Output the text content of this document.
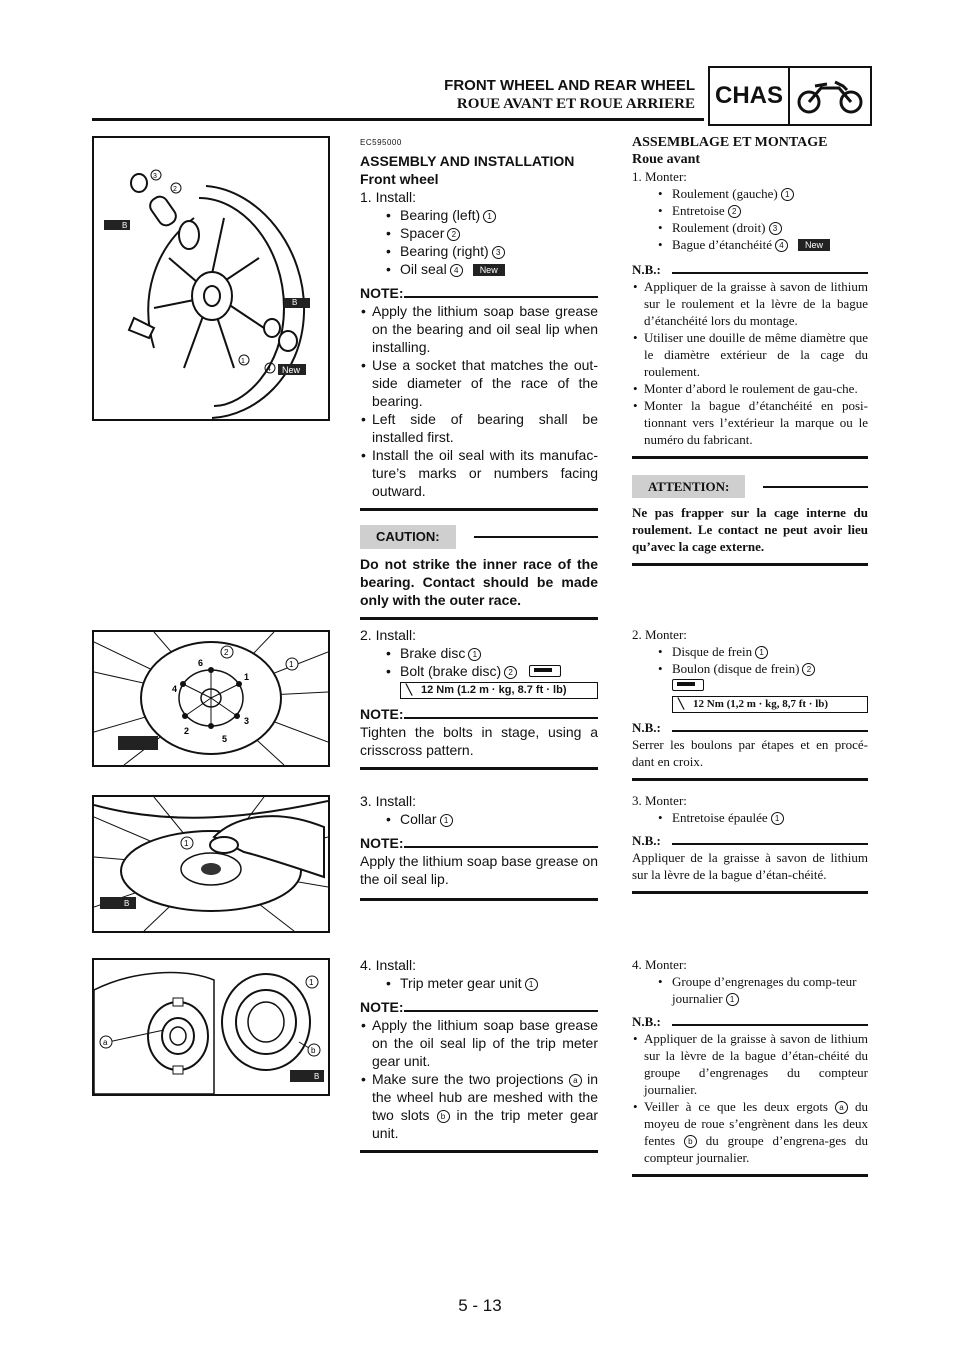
FRONT WHEEL AND REAR WHEEL
ROUE AVANT ET ROUE ARRIERE CHAS
3
2
1
4 New
B
B
6
1
3
5
2
4
2
1
1
B
a
b
1
B
EC595000
ASSEMBLY AND INSTALLATION
Front wheel
1. Install:
• Bearing (left) 1
• Spacer 2
• Bearing (right) 3
• Oil seal 4 New
NOTE:
• Apply the lithium soap base grease on the bearing and oil seal lip when installing.
• Use a socket that matches the out-side diameter of the race of the bearing.
• Left side of bearing shall be installed first.
• Install the oil seal with its manufac-ture’s marks or numbers facing outward.
CAUTION:
Do not strike the inner race of the bearing. Contact should be made only with the outer race.
ASSEMBLAGE ET MONTAGE
Roue avant
1. Monter:
• Roulement (gauche) 1
• Entretoise 2
• Roulement (droit) 3
• Bague d’étanchéité 4 New
N.B.:
• Appliquer de la graisse à savon de lithium sur le roulement et la lèvre de la bague d’étanchéité lors du montage.
• Utiliser une douille de même diamètre que le diamètre extérieur de la cage du roulement.
• Monter d’abord le roulement de gau-che.
• Monter la bague d’étanchéité en posi-tionnant vers l’extérieur la marque ou le numéro du fabricant.
ATTENTION:
Ne pas frapper sur la cage interne du roulement. Le contact ne peut avoir lieu qu’avec la cage externe.
2. Install:
• Brake disc 1
• Bolt (brake disc) 2
╲ 12 Nm (1.2 m · kg, 8.7 ft · lb)
NOTE:
Tighten the bolts in stage, using a crisscross pattern.
2. Monter:
• Disque de frein 1
• Boulon (disque de frein) 2
╲ 12 Nm (1,2 m · kg, 8,7 ft · lb)
N.B.:
Serrer les boulons par étapes et en procé-dant en croix.
3. Install:
• Collar 1
NOTE:
Apply the lithium soap base grease on the oil seal lip.
3. Monter:
• Entretoise épaulée 1
N.B.:
Appliquer de la graisse à savon de lithium sur la lèvre de la bague d’étan-chéité.
4. Install:
• Trip meter gear unit 1
NOTE:
• Apply the lithium soap base grease on the oil seal lip of the trip meter gear unit.
• Make sure the two projections a in the wheel hub are meshed with the two slots b in the trip meter gear unit.
4. Monter:
• Groupe d’engrenages du comp-teur journalier 1
N.B.:
• Appliquer de la graisse à savon de lithium sur la lèvre de la bague d’étan-chéité du groupe d’engrenages du compteur journalier.
• Veiller à ce que les deux ergots a du moyeu de roue s’engrènent dans les deux fentes b du groupe d’engrena-ges du compteur journalier.
5 - 13
